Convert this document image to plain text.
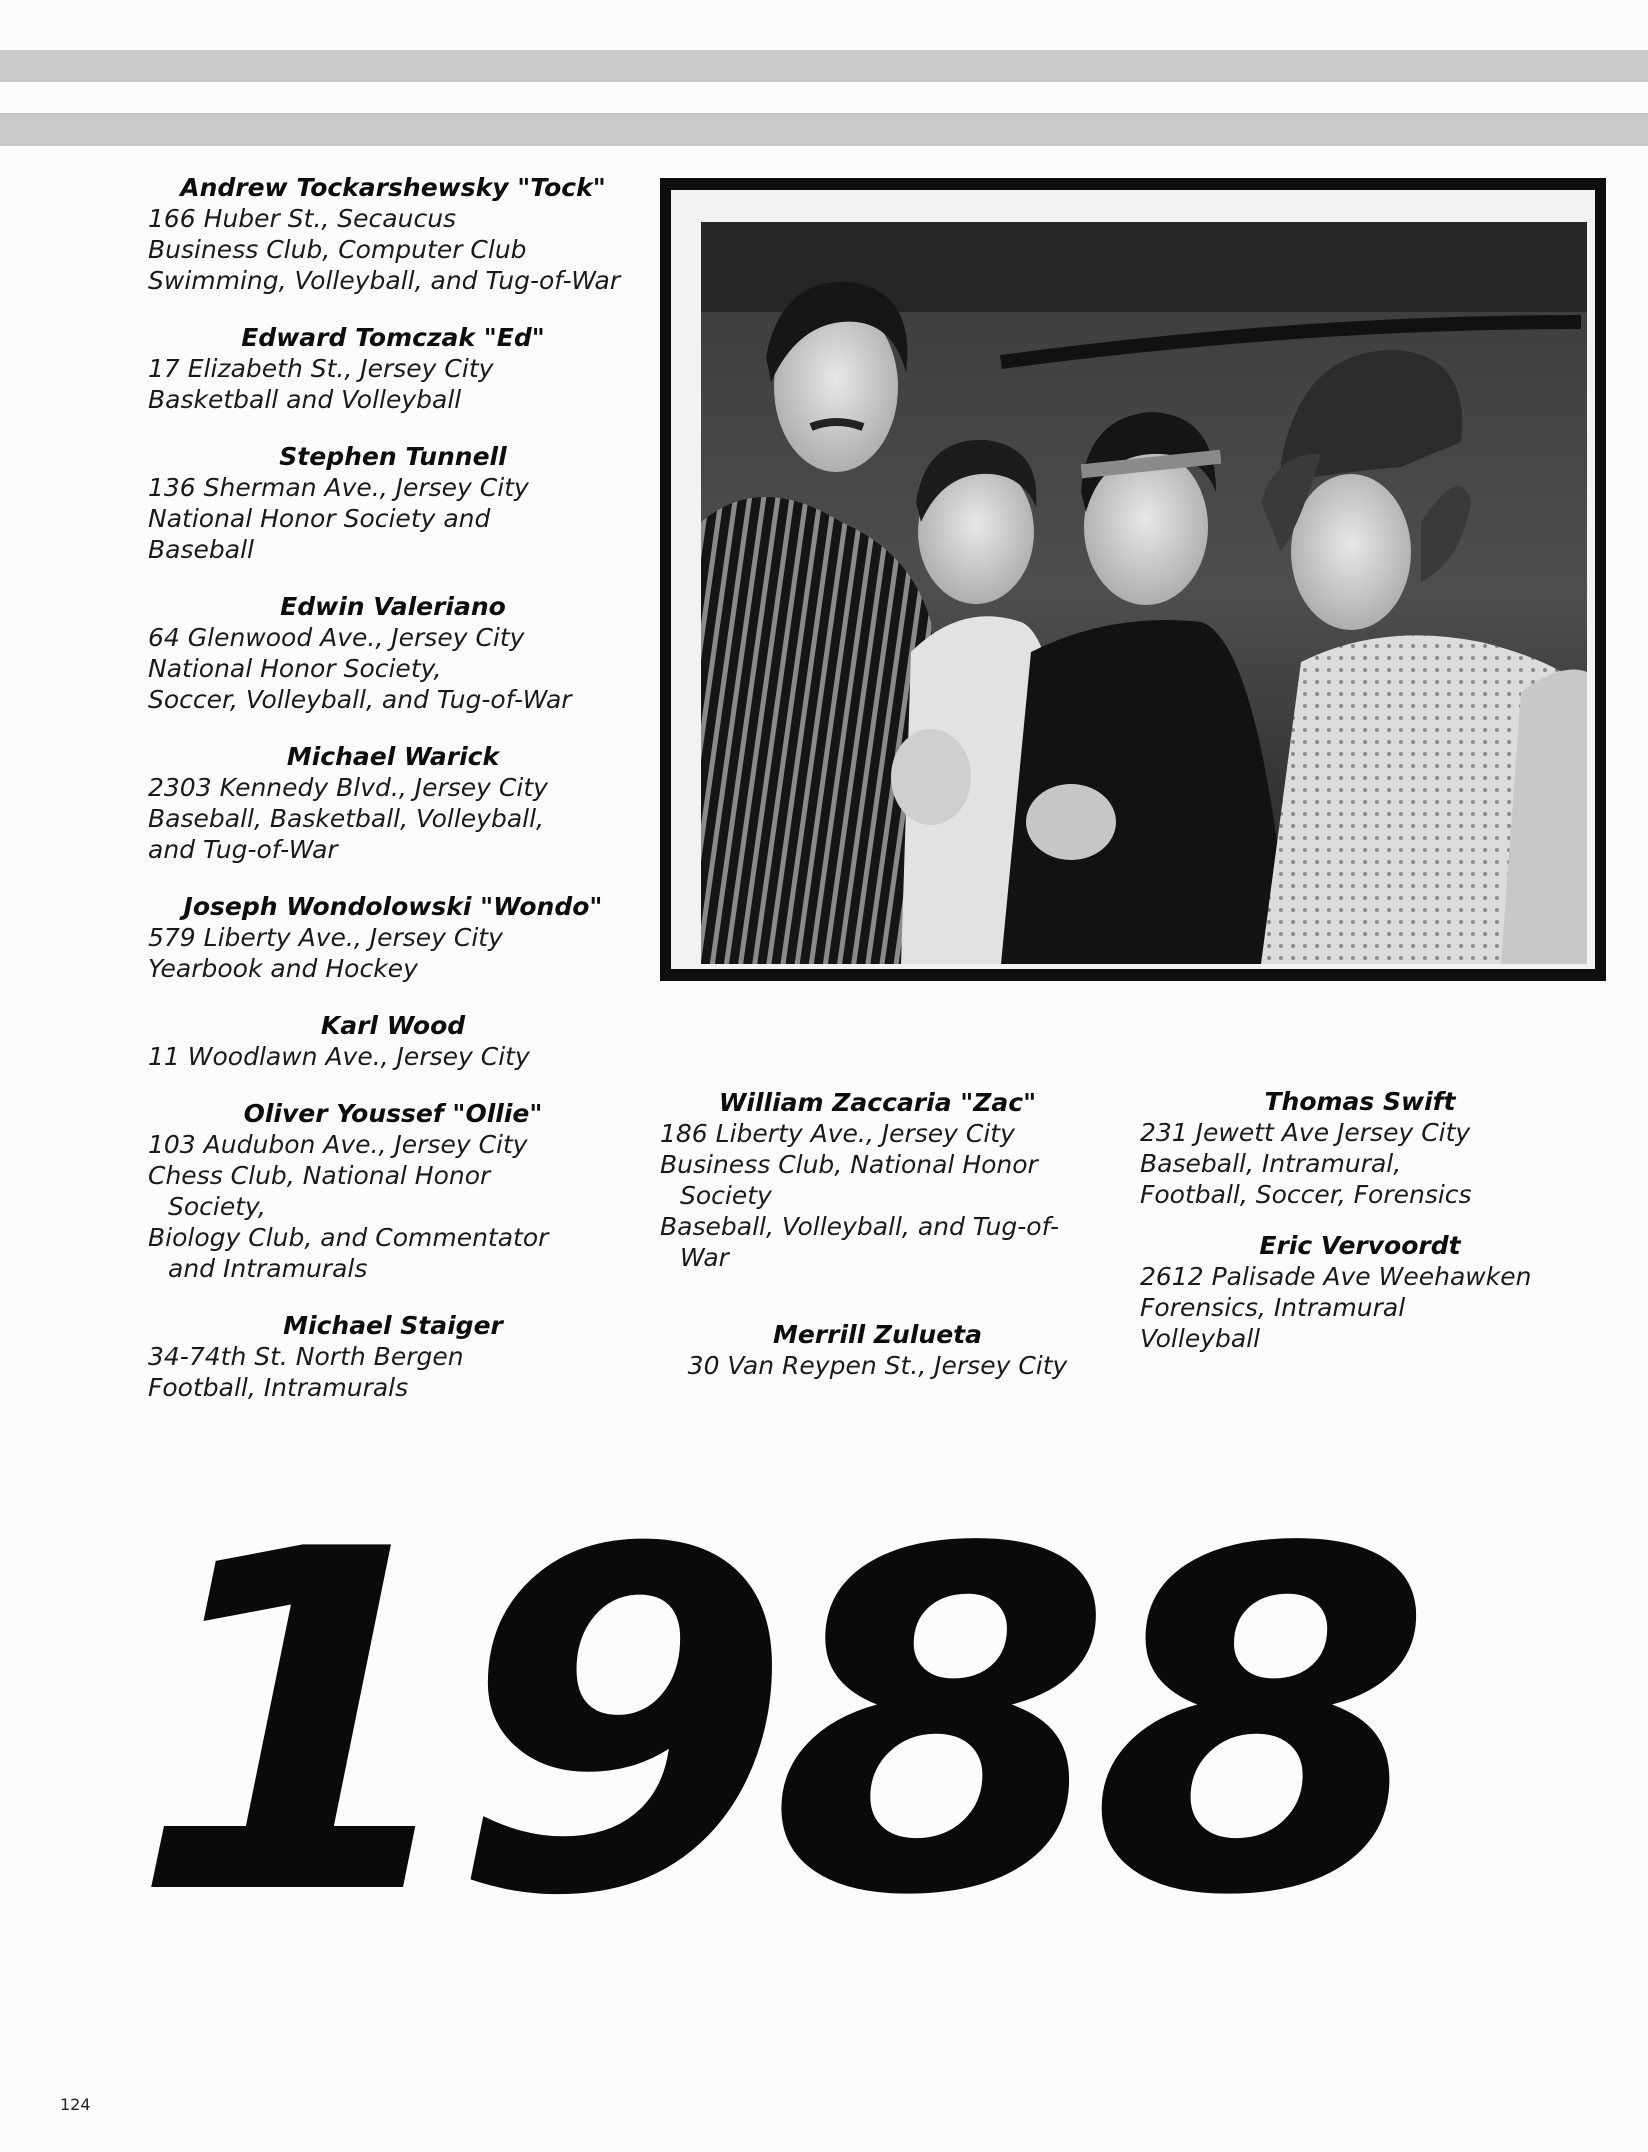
Andrew Tockarshewsky "Tock"
166 Huber St., Secaucus
Business Club, Computer Club
Swimming, Volleyball, and Tug-of-War
Edward Tomczak "Ed"
17 Elizabeth St., Jersey City
Basketball and Volleyball
Stephen Tunnell
136 Sherman Ave., Jersey City
National Honor Society and Baseball
Edwin Valeriano
64 Glenwood Ave., Jersey City
National Honor Society,
Soccer, Volleyball, and Tug-of-War
Michael Warick
2303 Kennedy Blvd., Jersey City
Baseball, Basketball, Volleyball,
and Tug-of-War
Joseph Wondolowski "Wondo"
579 Liberty Ave., Jersey City
Yearbook and Hockey
Karl Wood
11 Woodlawn Ave., Jersey City
Oliver Youssef "Ollie"
103 Audubon Ave., Jersey City
Chess Club, National Honor Society,
Biology Club, and Commentator and Intramurals
Michael Staiger
34-74th St. North Bergen
Football, Intramurals
William Zaccaria "Zac"
186 Liberty Ave., Jersey City
Business Club, National Honor Society
Baseball, Volleyball, and Tug-of-War
Merrill Zulueta
30 Van Reypen St., Jersey City
Thomas Swift
231 Jewett Ave Jersey City
Baseball, Intramural,
Football, Soccer, Forensics
Eric Vervoordt
2612 Palisade Ave Weehawken
Forensics, Intramural
Volleyball
1988
124
